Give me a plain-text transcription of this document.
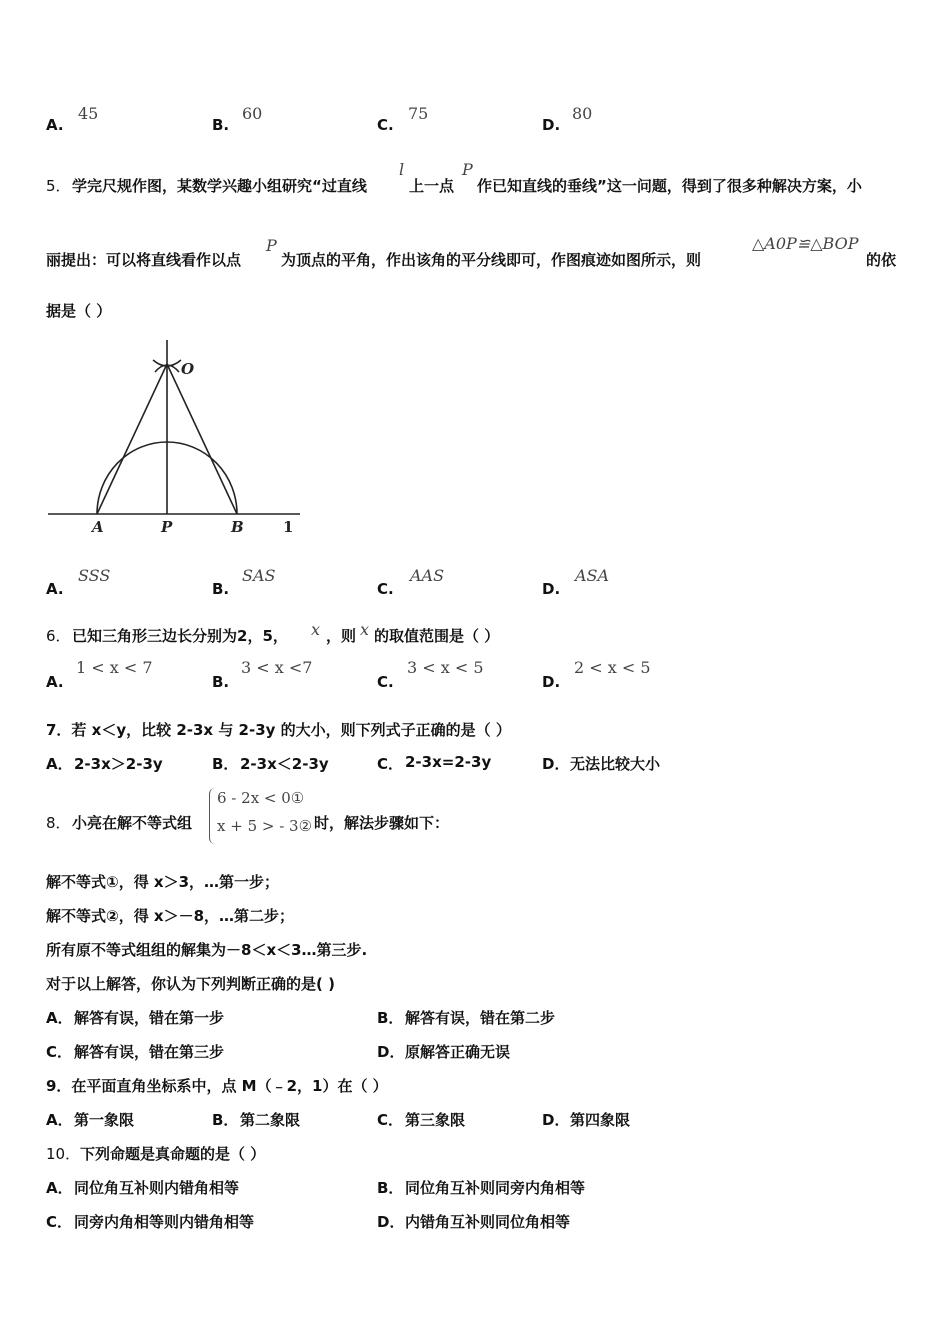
A.
45
B.
60
C.
75
D.
80
5． 学完尺规作图，某数学兴趣小组研究“过直线
l
上一点
P
作已知直线的垂线”这一问题，得到了很多种解决方案，小
丽提出：可以将直线看作以点
P
为顶点的平角，作出该角的平分线即可，作图痕迹如图所示，则
△A0P≌△BOP
的依
据是（ ）
O
A	P	B	1
A.
SSS
B.
SAS
C.
AAS
D.
ASA
6． 已知三角形三边长分别为2，5， x ，则 x 的取值范围是（ ）
A.
1 < x < 7
B.
3 < x <7
C.
3 < x < 5
D.
2 < x < 5
7．若 x＜y，比较 2-3x 与 2-3y 的大小，则下列式子正确的是（ ）
A． 2-3x＞2-3y	B． 2-3x＜2-3y	C． 2-3x=2-3y	D． 无法比较大小
8． 小亮在解不等式组
6 - 2x < 0①
x + 5 > - 3② 时，解法步骤如下：
解不等式①，得 x＞3，…第一步；
解不等式②，得 x＞－8，…第二步；
所有原不等式组组的解集为－8＜x＜3…第三步.
对于以上解答，你认为下列判断正确的是( )
A． 解答有误，错在第一步	B． 解答有误，错在第二步
C． 解答有误，错在第三步	D． 原解答正确无误
9．在平面直角坐标系中，点 M（﹣2，1）在（ ）
A． 第一象限	B． 第二象限	C． 第三象限	D． 第四象限
10． 下列命题是真命题的是（ ）
A． 同位角互补则内错角相等	B． 同位角互补则同旁内角相等
C． 同旁内角相等则内错角相等	D． 内错角互补则同位角相等
